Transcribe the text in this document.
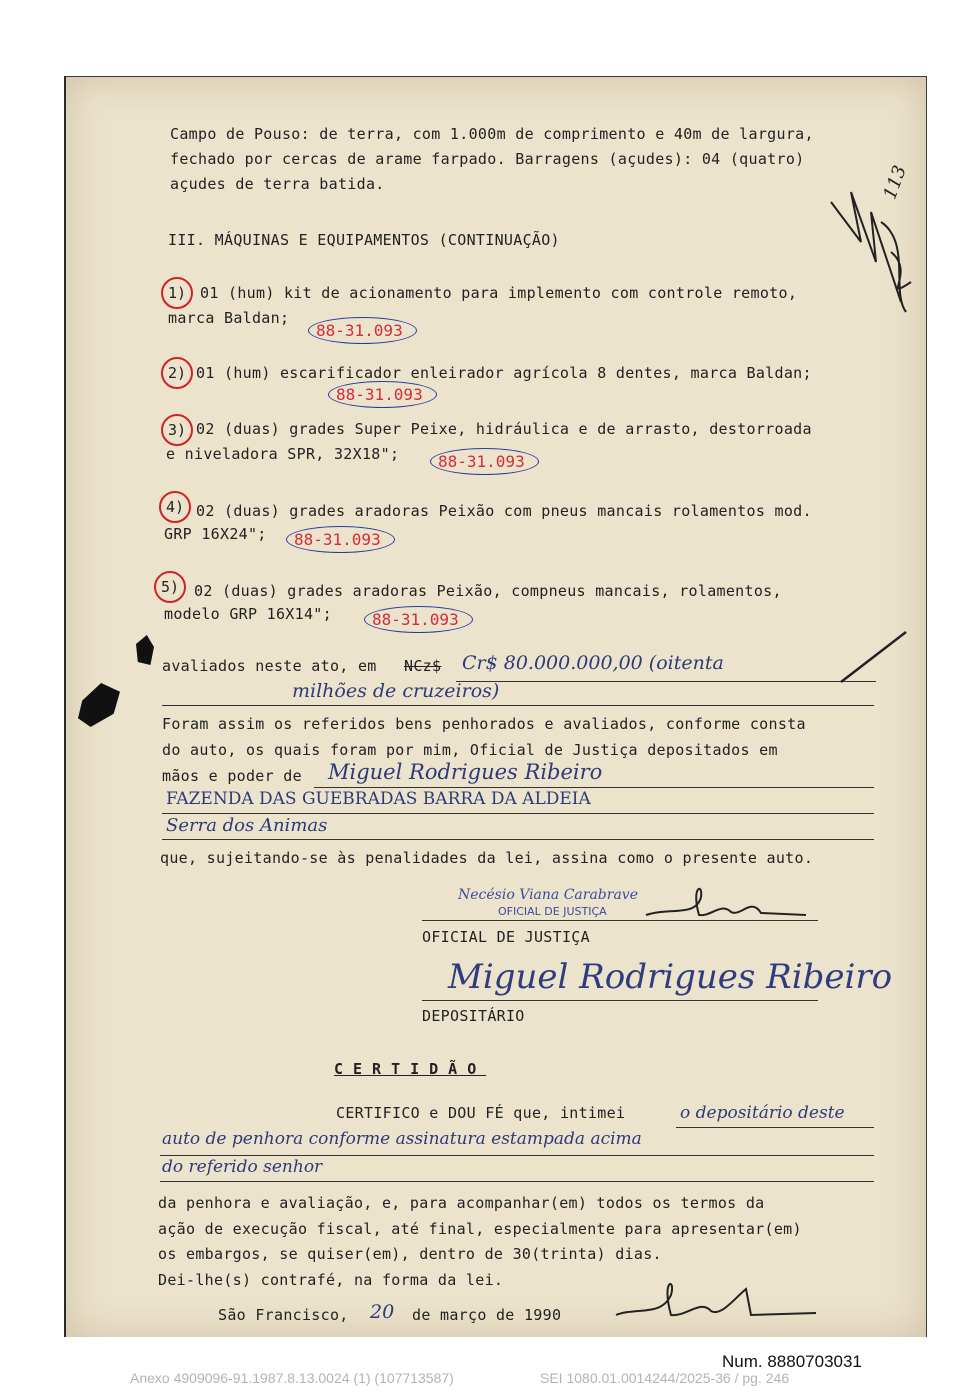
Campo de Pouso: de terra, com 1.000m de comprimento e 40m de largura,
fechado por cercas de arame farpado. Barragens (açudes): 04 (quatro)
açudes de terra batida.	113
III. MÁQUINAS E EQUIPAMENTOS (CONTINUAÇÃO)
1) 01 (hum) kit de acionamento para implemento com controle remoto,
marca Baldan;
88-31.093
2) 01 (hum) escarificador enleirador agrícola 8 dentes, marca Baldan;
88-31.093
3) 02 (duas) grades Super Peixe, hidráulica e de arrasto, destorroada
e niveladora SPR, 32X18"; 88-31.093
4) 02 (duas) grades aradoras Peixão com pneus mancais rolamentos mod.
GRP 16X24"; 88-31.093
5) 02 (duas) grades aradoras Peixão, compneus mancais, rolamentos,
modelo GRP 16X14";	88-31.093
avaliados neste ato, em NCz$ Cr$ 80.000.000,00 (oitenta
milhões de cruzeiros)
Foram assim os referidos bens penhorados e avaliados, conforme consta
do auto, os quais foram por mim, Oficial de Justiça depositados em
mãos e poder de Miguel Rodrigues Ribeiro
FAZENDA DAS GUEBRADAS BARRA DA ALDEIA
Serra dos Animas
que, sujeitando-se às penalidades da lei, assina como o presente auto.
Necésio Viana Carabrave
OFICIAL DE JUSTIÇA
OFICIAL DE JUSTIÇA
Miguel Rodrigues Ribeiro
DEPOSITÁRIO
CERTIDÃO
CERTIFICO e DOU FÉ que, intimei	o depositário deste
auto de penhora conforme assinatura estampada acima
do referido senhor
da penhora e avaliação, e, para acompanhar(em) todos os termos da
ação de execução fiscal, até final, especialmente para apresentar(em)
os embargos, se quiser(em), dentro de 30(trinta) dias.
Dei-lhe(s) contrafé, na forma da lei.
São Francisco, 20 de março de 1990
Num. 8880703031
Anexo 4909096-91.1987.8.13.0024 (1) (107713587)	SEI 1080.01.0014244/2025-36 / pg. 246
